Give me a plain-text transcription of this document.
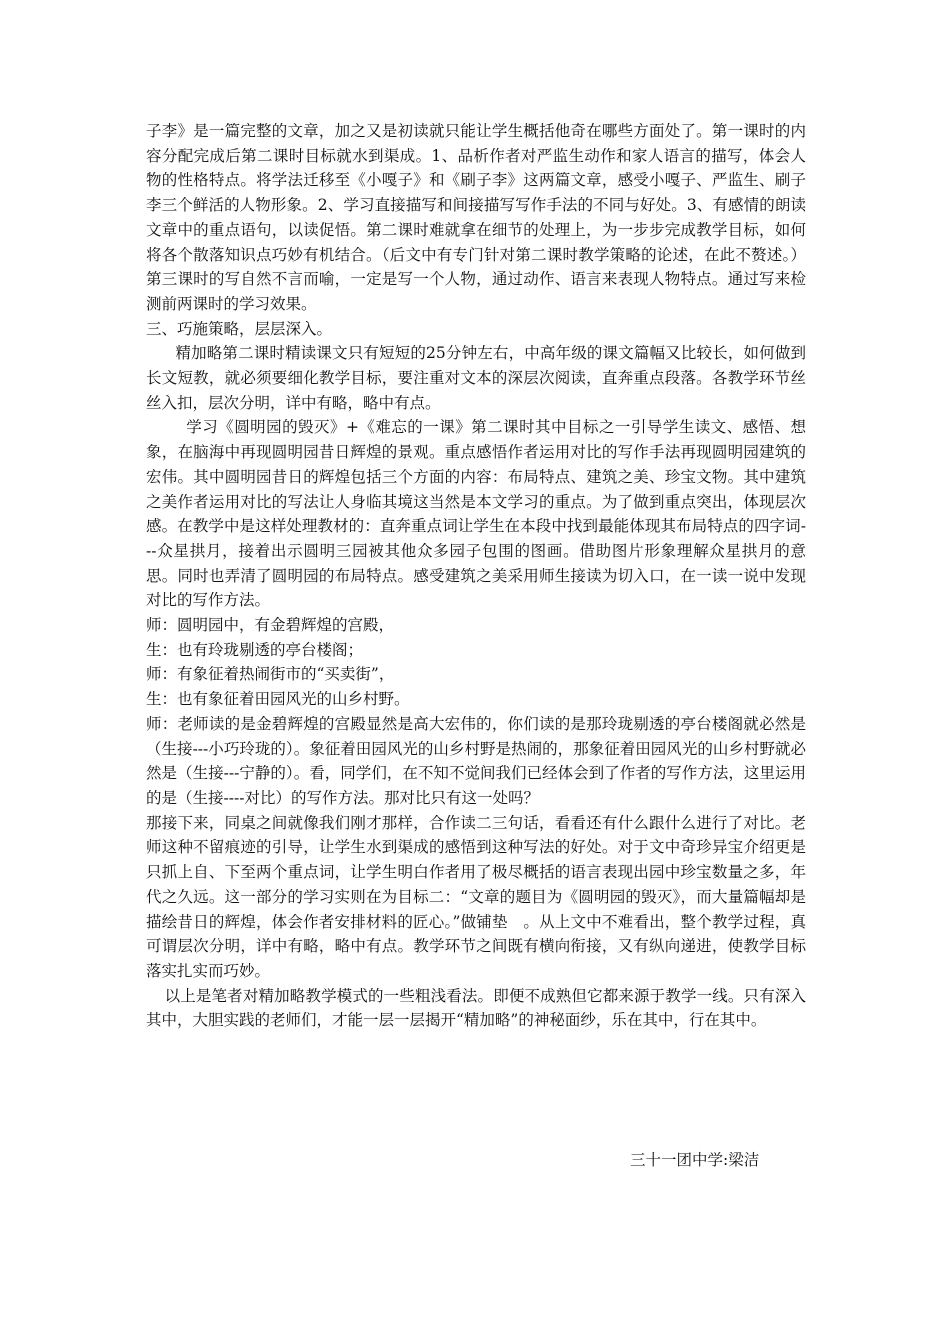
子李》是一篇完整的文章，加之又是初读就只能让学生概括他奇在哪些方面处了。第一课时的内容分配完成后第二课时目标就水到渠成。1、品析作者对严监生动作和家人语言的描写，体会人物的性格特点。将学法迁移至《小嘎子》和《刷子李》这两篇文章，感受小嘎子、严监生、刷子李三个鲜活的人物形象。2、学习直接描写和间接描写写作手法的不同与好处。3、有感情的朗读文章中的重点语句，以读促悟。第二课时难就拿在细节的处理上，为一步步完成教学目标，如何将各个散落知识点巧妙有机结合。（后文中有专门针对第二课时教学策略的论述，在此不赘述。）第三课时的写自然不言而喻，一定是写一个人物，通过动作、语言来表现人物特点。通过写来检测前两课时的学习效果。

三、巧施策略，层层深入。

精加略第二课时精读课文只有短短的25分钟左右，中高年级的课文篇幅又比较长，如何做到长文短教，就必须要细化教学目标，要注重对文本的深层次阅读，直奔重点段落。各教学环节丝丝入扣，层次分明，详中有略，略中有点。

学习《圆明园的毁灭》+《难忘的一课》第二课时其中目标之一引导学生读文、感悟、想象，在脑海中再现圆明园昔日辉煌的景观。重点感悟作者运用对比的写作手法再现圆明园建筑的宏伟。其中圆明园昔日的辉煌包括三个方面的内容：布局特点、建筑之美、珍宝文物。其中建筑之美作者运用对比的写法让人身临其境这当然是本文学习的重点。为了做到重点突出，体现层次感。在教学中是这样处理教材的：直奔重点词让学生在本段中找到最能体现其布局特点的四字词---众星拱月，接着出示圆明三园被其他众多园子包围的图画。借助图片形象理解众星拱月的意思。同时也弄清了圆明园的布局特点。感受建筑之美采用师生接读为切入口，在一读一说中发现对比的写作方法。

师：圆明园中，有金碧辉煌的宫殿，

生：也有玲珑剔透的亭台楼阁；

师：有象征着热闹街市的“买卖街”，

生：也有象征着田园风光的山乡村野。

师：老师读的是金碧辉煌的宫殿显然是高大宏伟的，你们读的是那玲珑剔透的亭台楼阁就必然是（生接---小巧玲珑的）。象征着田园风光的山乡村野是热闹的，那象征着田园风光的山乡村野就必然是（生接---宁静的）。看，同学们，在不知不觉间我们已经体会到了作者的写作方法，这里运用的是（生接----对比）的写作方法。那对比只有这一处吗？

那接下来，同桌之间就像我们刚才那样，合作读二三句话，看看还有什么跟什么进行了对比。老师这种不留痕迹的引导，让学生水到渠成的感悟到这种写法的好处。对于文中奇珍异宝介绍更是只抓上自、下至两个重点词，让学生明白作者用了极尽概括的语言表现出园中珍宝数量之多，年代之久远。这一部分的学习实则在为目标二：“文章的题目为《圆明园的毁灭》，而大量篇幅却是描绘昔日的辉煌，体会作者安排材料的匠心。”做铺垫　。从上文中不难看出，整个教学过程，真可谓层次分明，详中有略，略中有点。教学环节之间既有横向衔接，又有纵向递进，使教学目标落实扎实而巧妙。

以上是笔者对精加略教学模式的一些粗浅看法。即便不成熟但它都来源于教学一线。只有深入其中，大胆实践的老师们，才能一层一层揭开“精加略”的神秘面纱，乐在其中，行在其中。

三十一团中学:梁洁
